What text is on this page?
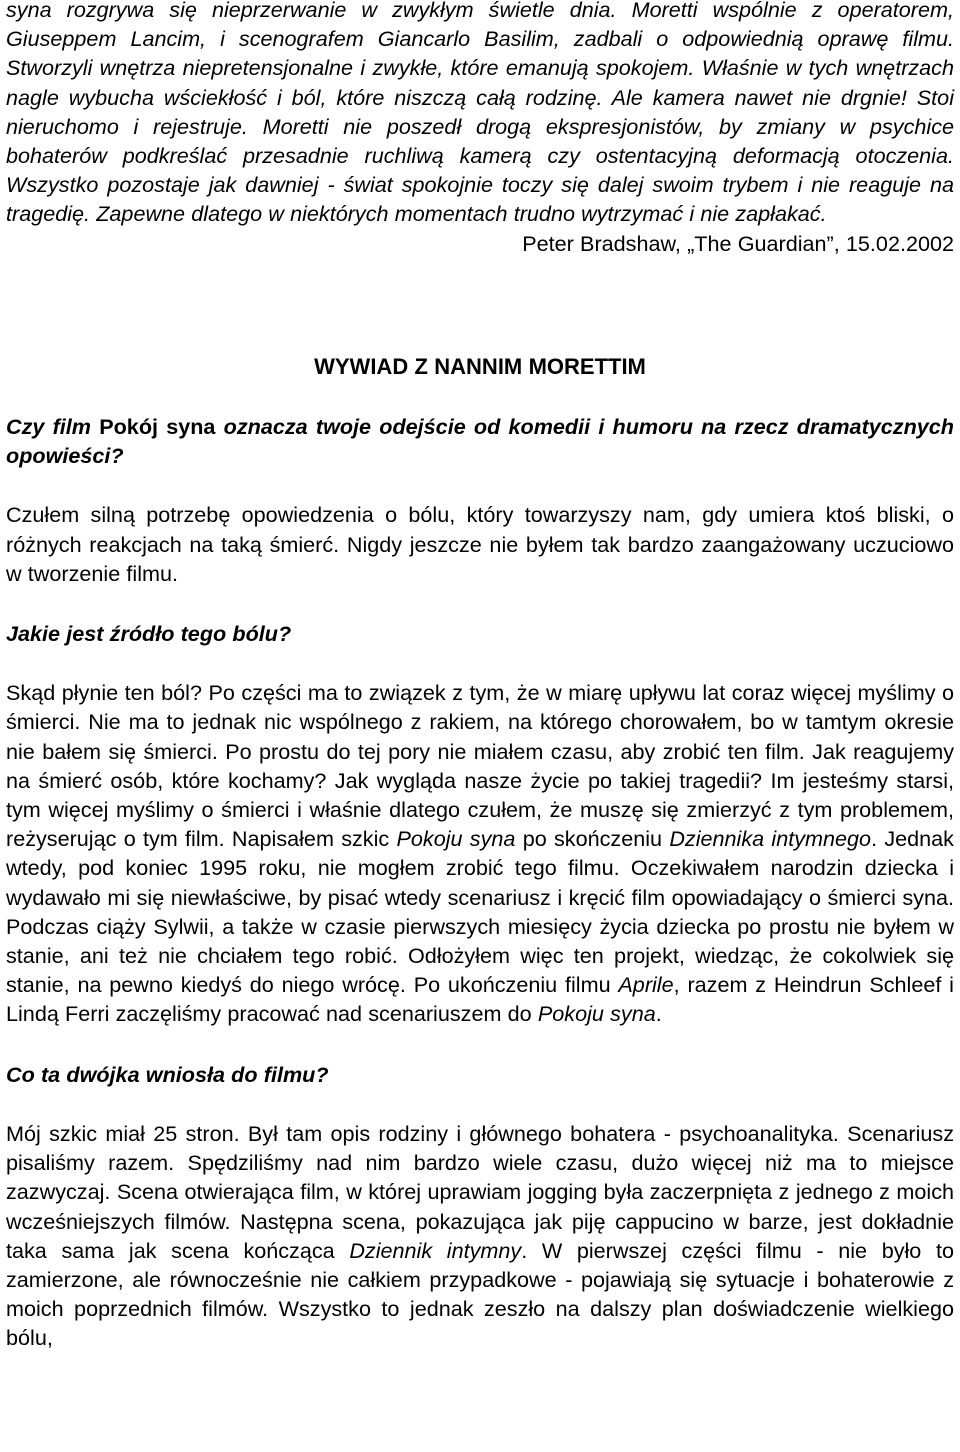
syna rozgrywa się nieprzerwanie w zwykłym świetle dnia. Moretti wspólnie z operatorem, Giuseppem Lancim, i scenografem Giancarlo Basilim, zadbali o odpowiednią oprawę filmu. Stworzyli wnętrza niepretensjonalne i zwykłe, które emanują spokojem. Właśnie w tych wnętrzach nagle wybucha wściekłość i ból, które niszczą całą rodzinę. Ale kamera nawet nie drgnie! Stoi nieruchomo i rejestruje. Moretti nie poszedł drogą ekspresjonistów, by zmiany w psychice bohaterów podkreślać przesadnie ruchliwą kamerą czy ostentacyjną deformacją otoczenia. Wszystko pozostaje jak dawniej - świat spokojnie toczy się dalej swoim trybem i nie reaguje na tragedię. Zapewne dlatego w niektórych momentach trudno wytrzymać i nie zapłakać.

Peter Bradshaw, „The Guardian”, 15.02.2002

WYWIAD Z NANNIM MORETTIM

Czy film Pokój syna oznacza twoje odejście od komedii i humoru na rzecz dramatycznych opowieści?

Czułem silną potrzebę opowiedzenia o bólu, który towarzyszy nam, gdy umiera ktoś bliski, o różnych reakcjach na taką śmierć. Nigdy jeszcze nie byłem tak bardzo zaangażowany uczuciowo w tworzenie filmu.

Jakie jest źródło tego bólu?

Skąd płynie ten ból? Po części ma to związek z tym, że w miarę upływu lat coraz więcej myślimy o śmierci. Nie ma to jednak nic wspólnego z rakiem, na którego chorowałem, bo w tamtym okresie nie bałem się śmierci. Po prostu do tej pory nie miałem czasu, aby zrobić ten film. Jak reagujemy na śmierć osób, które kochamy? Jak wygląda nasze życie po takiej tragedii? Im jesteśmy starsi, tym więcej myślimy o śmierci i właśnie dlatego czułem, że muszę się zmierzyć z tym problemem, reżyserując o tym film. Napisałem szkic Pokoju syna po skończeniu Dziennika intymnego. Jednak wtedy, pod koniec 1995 roku, nie mogłem zrobić tego filmu. Oczekiwałem narodzin dziecka i wydawało mi się niewłaściwe, by pisać wtedy scenariusz i kręcić film opowiadający o śmierci syna. Podczas ciąży Sylwii, a także w czasie pierwszych miesięcy życia dziecka po prostu nie byłem w stanie, ani też nie chciałem tego robić. Odłożyłem więc ten projekt, wiedząc, że cokolwiek się stanie, na pewno kiedyś do niego wrócę. Po ukończeniu filmu Aprile, razem z Heindrun Schleef i Lindą Ferri zaczęliśmy pracować nad scenariuszem do Pokoju syna.

Co ta dwójka wniosła do filmu?

Mój szkic miał 25 stron. Był tam opis rodziny i głównego bohatera - psychoanalityka. Scenariusz pisaliśmy razem. Spędziliśmy nad nim bardzo wiele czasu, dużo więcej niż ma to miejsce zazwyczaj. Scena otwierająca film, w której uprawiam jogging była zaczerpnięta z jednego z moich wcześniejszych filmów. Następna scena, pokazująca jak piję cappucino w barze, jest dokładnie taka sama jak scena kończąca Dziennik intymny. W pierwszej części filmu - nie było to zamierzone, ale równocześnie nie całkiem przypadkowe - pojawiają się sytuacje i bohaterowie z moich poprzednich filmów. Wszystko to jednak zeszło na dalszy plan doświadczenie wielkiego bólu,
